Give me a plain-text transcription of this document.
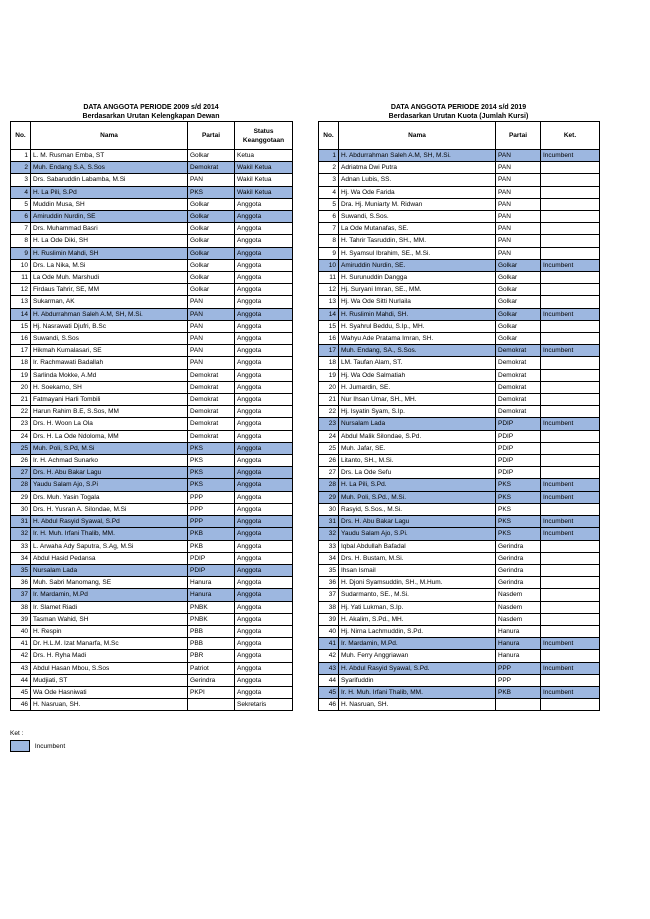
DATA ANGGOTA PERIODE 2009 s/d 2014
Berdasarkan Urutan Kelengkapan Dewan
No.	Nama	Partai	Status Keanggotaan
1	L. M. Rusman Emba, ST	Golkar	Ketua
2	Muh. Endang S.A, S.Sos	Demokrat	Wakil Ketua
3	Drs. Sabaruddin Labamba, M.Si	PAN	Wakil Ketua
4	H. La Pili, S.Pd	PKS	Wakil Ketua
5	Muddin Musa, SH	Golkar	Anggota
6	Amiruddin Nurdin, SE	Golkar	Anggota
7	Drs. Muhammad Basri	Golkar	Anggota
8	H. La Ode Diki, SH	Golkar	Anggota
9	H. Ruslimin Mahdi, SH	Golkar	Anggota
10	Drs. La Nika, M.Si	Golkar	Anggota
11	La Ode Muh. Marshudi	Golkar	Anggota
12	Firdaus Tahrir, SE, MM	Golkar	Anggota
13	Sukarman, AK	PAN	Anggota
14	H. Abdurrahman Saleh A.M, SH, M.Si.	PAN	Anggota
15	Hj. Nasrawati Djufri, B.Sc	PAN	Anggota
16	Suwandi, S.Sos	PAN	Anggota
17	Hikmah Kumalasari, SE	PAN	Anggota
18	Ir. Rachmawati Badallah	PAN	Anggota
19	Sarlinda Mokke, A.Md	Demokrat	Anggota
20	H. Soekarno, SH	Demokrat	Anggota
21	Fatmayani Harli Tombili	Demokrat	Anggota
22	Harun Rahim B.E, S.Sos, MM	Demokrat	Anggota
23	Drs. H. Woon La Ola	Demokrat	Anggota
24	Drs. H. La Ode Ndoloma, MM	Demokrat	Anggota
25	Muh. Poli, S.Pd, M.Si	PKS	Anggota
26	Ir. H. Achmad Sunarko	PKS	Anggota
27	Drs. H. Abu Bakar Lagu	PKS	Anggota
28	Yaudu Salam Ajo, S.Pi	PKS	Anggota
29	Drs. Muh. Yasin Togala	PPP	Anggota
30	Drs. H. Yusran A. Silondae, M.Si	PPP	Anggota
31	H. Abdul Rasyid Syawal, S.Pd	PPP	Anggota
32	Ir. H. Muh. Irfani Thalib, MM.	PKB	Anggota
33	L. Arwaha Ady Saputra, S.Ag, M.Si	PKB	Anggota
34	Abdul Hasid Pedansa	PDIP	Anggota
35	Nursalam Lada	PDIP	Anggota
36	Muh. Sabri Manomang, SE	Hanura	Anggota
37	Ir. Mardamin, M.Pd	Hanura	Anggota
38	Ir. Slamet Riadi	PNBK	Anggota
39	Tasman Wahid, SH	PNBK	Anggota
40	H. Respin	PBB	Anggota
41	Dr. H.L.M. Izat Manarfa, M.Sc	PBB	Anggota
42	Drs. H. Ryha Madi	PBR	Anggota
43	Abdul Hasan Mbou, S.Sos	Patriot	Anggota
44	Mudjiati, ST	Gerindra	Anggota
45	Wa Ode Hasniwati	PKPI	Anggota
46	H. Nasruan, SH.		Sekretaris
DATA ANGGOTA PERIODE 2014 s/d 2019
Berdasarkan Urutan Kuota (Jumlah Kursi)
No.	Nama	Partai	Ket.
1	H. Abdurrahman Saleh A.M, SH, M.Si.	PAN	Incumbent
2	Adriatma Dwi Putra	PAN	
3	Adnan Lubis, SS.	PAN	
4	Hj. Wa Ode Farida	PAN	
5	Dra. Hj. Muniarty M. Ridwan	PAN	
6	Suwandi, S.Sos.	PAN	
7	La Ode Mutanafas, SE.	PAN	
8	H. Tahrir Tasruddin, SH., MM.	PAN	
9	H. Syamsul Ibrahim, SE., M.Si.	PAN	
10	Amiruddin Nurdin, SE.	Golkar	Incumbent
11	H. Surunuddin Dangga	Golkar	
12	Hj. Suryani Imran, SE., MM.	Golkar	
13	Hj. Wa Ode Sitti Nurlaila	Golkar	
14	H. Ruslimin Mahdi, SH.	Golkar	Incumbent
15	H. Syahrul Beddu, S.Ip., MH.	Golkar	
16	Wahyu Ade Pratama Imran, SH.	Golkar	
17	Muh. Endang, SA., S.Sos.	Demokrat	Incumbent
18	LM. Taufan Alam, ST.	Demokrat	
19	Hj. Wa Ode Salmatiah	Demokrat	
20	H. Jumardin, SE.	Demokrat	
21	Nur Ihsan Umar, SH., MH.	Demokrat	
22	Hj. Isyatin Syam, S.Ip.	Demokrat	
23	Nursalam Lada	PDIP	Incumbent
24	Abdul Malik Silondae, S.Pd.	PDIP	
25	Muh. Jafar, SE.	PDIP	
26	Litanto, SH., M.Si.	PDIP	
27	Drs. La Ode Sefu	PDIP	
28	H. La Pili, S.Pd.	PKS	Incumbent
29	Muh. Poli, S.Pd., M.Si.	PKS	Incumbent
30	Rasyid, S.Sos., M.Si.	PKS	
31	Drs. H. Abu Bakar Lagu	PKS	Incumbent
32	Yaudu Salam Ajo, S.Pi.	PKS	Incumbent
33	Iqbal Abdullah Bafadal	Gerindra	
34	Drs. H. Bustam, M.Si.	Gerindra	
35	Ihsan Ismail	Gerindra	
36	H. Djoni Syamsuddin, SH., M.Hum.	Gerindra	
37	Sudarmanto, SE., M.Si.	Nasdem	
38	Hj. Yati Lukman, S.Ip.	Nasdem	
39	H. Akalim, S.Pd., MH.	Nasdem	
40	Hj. Nirna Lachmuddin, S.Pd.	Hanura	
41	Ir. Mardamin, M.Pd.	Hanura	Incumbent
42	Muh. Ferry Anggriawan	Hanura	
43	H. Abdul Rasyid Syawal, S.Pd.	PPP	Incumbent
44	Syarifuddin	PPP	
45	Ir. H. Muh. Irfani Thalib, MM.	PKB	Incumbent
46	H. Nasruan, SH.		
Ket :
Incumbent
